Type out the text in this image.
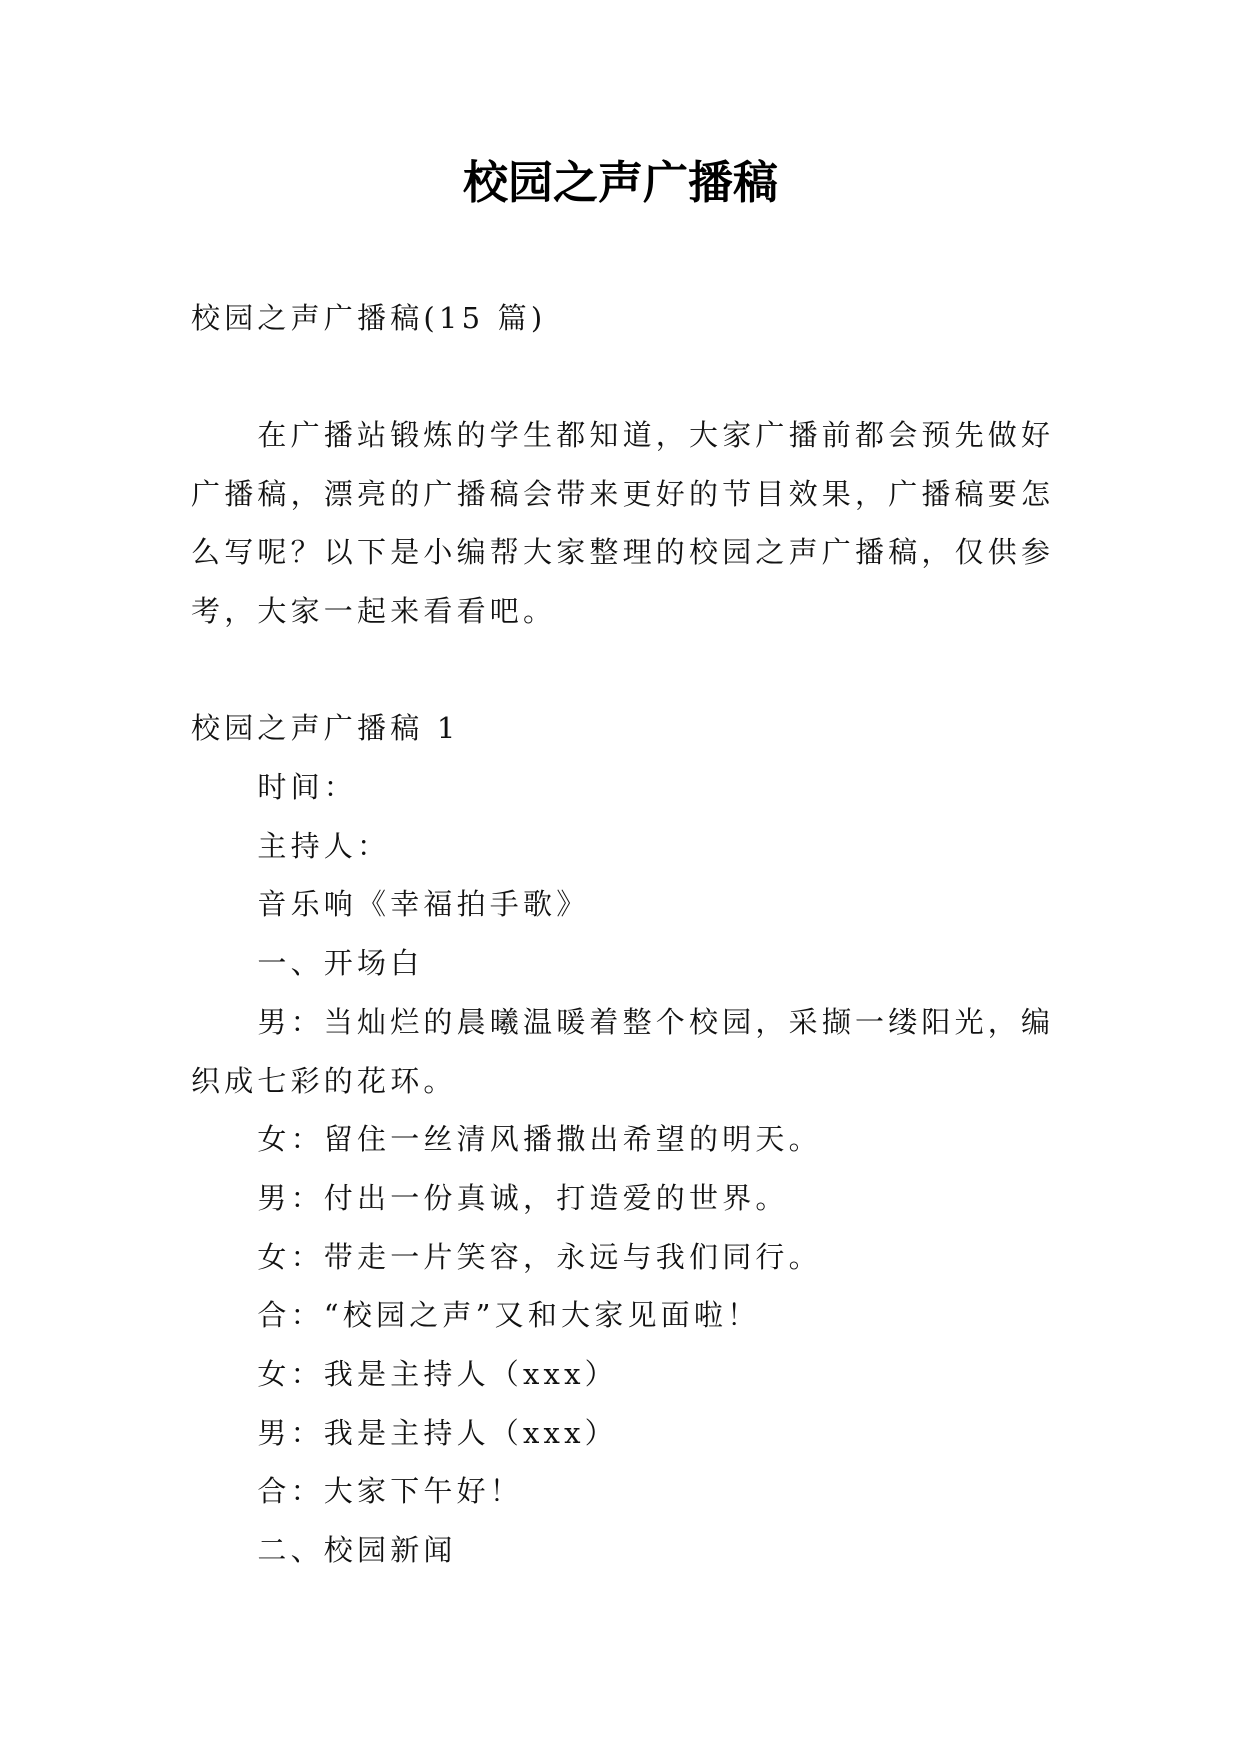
校园之声广播稿
校园之声广播稿(15 篇)
在广播站锻炼的学生都知道，大家广播前都会预先做好
广播稿，漂亮的广播稿会带来更好的节目效果，广播稿要怎
么写呢？以下是小编帮大家整理的校园之声广播稿，仅供参
考，大家一起来看看吧。
校园之声广播稿 1
时间：
主持人：
音乐响《幸福拍手歌》
一、开场白
男：当灿烂的晨曦温暖着整个校园，采撷一缕阳光，编
织成七彩的花环。
女：留住一丝清风播撒出希望的明天。
男：付出一份真诚，打造爱的世界。
女：带走一片笑容，永远与我们同行。
合：“校园之声”又和大家见面啦！
女：我是主持人（xxx）
男：我是主持人（xxx）
合：大家下午好！
二、校园新闻
